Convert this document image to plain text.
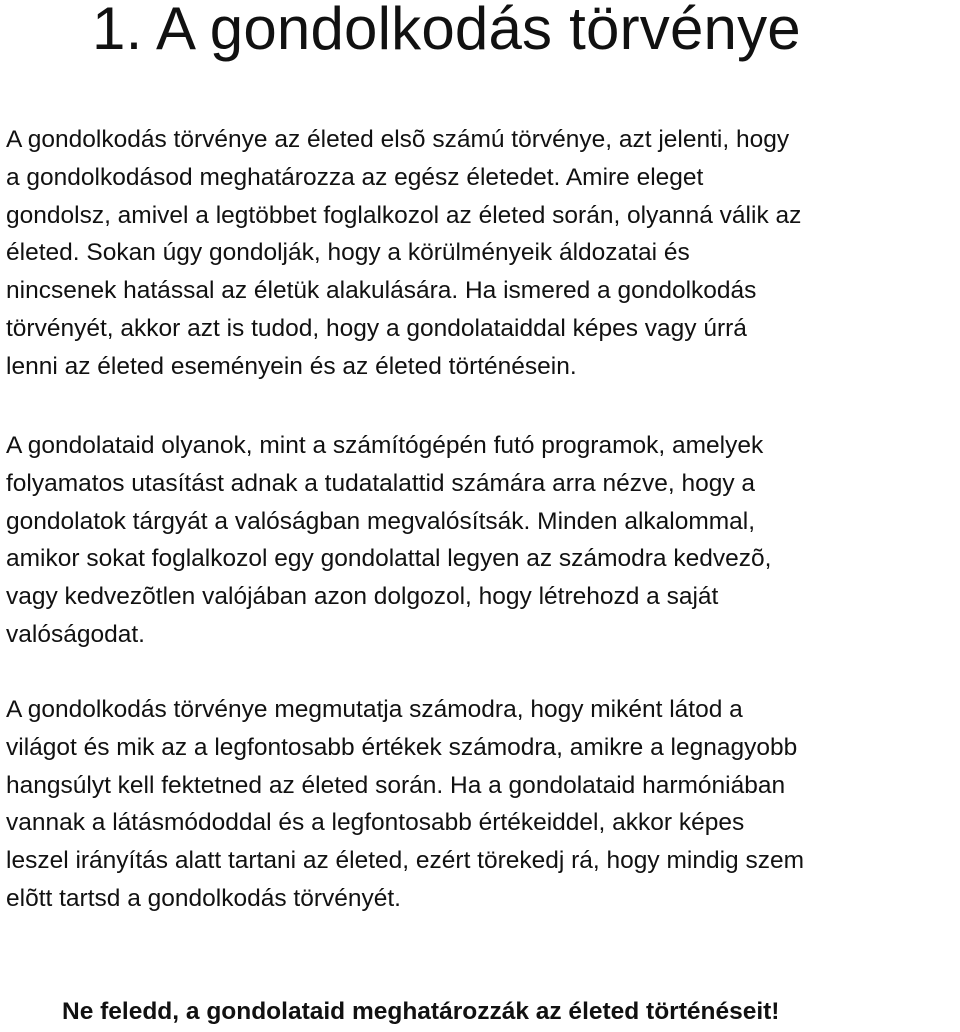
1. A gondolkodás törvénye

A gondolkodás törvénye az életed elsõ számú törvénye, azt jelenti, hogy
a gondolkodásod meghatározza az egész életedet. Amire eleget
gondolsz, amivel a legtöbbet foglalkozol az életed során, olyanná válik az
életed. Sokan úgy gondolják, hogy a körülményeik áldozatai és
nincsenek hatással az életük alakulására. Ha ismered a gondolkodás
törvényét, akkor azt is tudod, hogy a gondolataiddal képes vagy úrrá
lenni az életed eseményein és az életed történésein.

A gondolataid olyanok, mint a számítógépén futó programok, amelyek
folyamatos utasítást adnak a tudatalattid számára arra nézve, hogy a
gondolatok tárgyát a valóságban megvalósítsák. Minden alkalommal,
amikor sokat foglalkozol egy gondolattal legyen az számodra kedvezõ,
vagy kedvezõtlen valójában azon dolgozol, hogy létrehozd a saját
valóságodat.

A gondolkodás törvénye megmutatja számodra, hogy miként látod a
világot és mik az a legfontosabb értékek számodra, amikre a legnagyobb
hangsúlyt kell fektetned az életed során. Ha a gondolataid harmóniában
vannak a látásmódoddal és a legfontosabb értékeiddel, akkor képes
leszel irányítás alatt tartani az életed, ezért törekedj rá, hogy mindig szem
elõtt tartsd a gondolkodás törvényét.

Ne feledd, a gondolataid meghatározzák az életed történéseit!
